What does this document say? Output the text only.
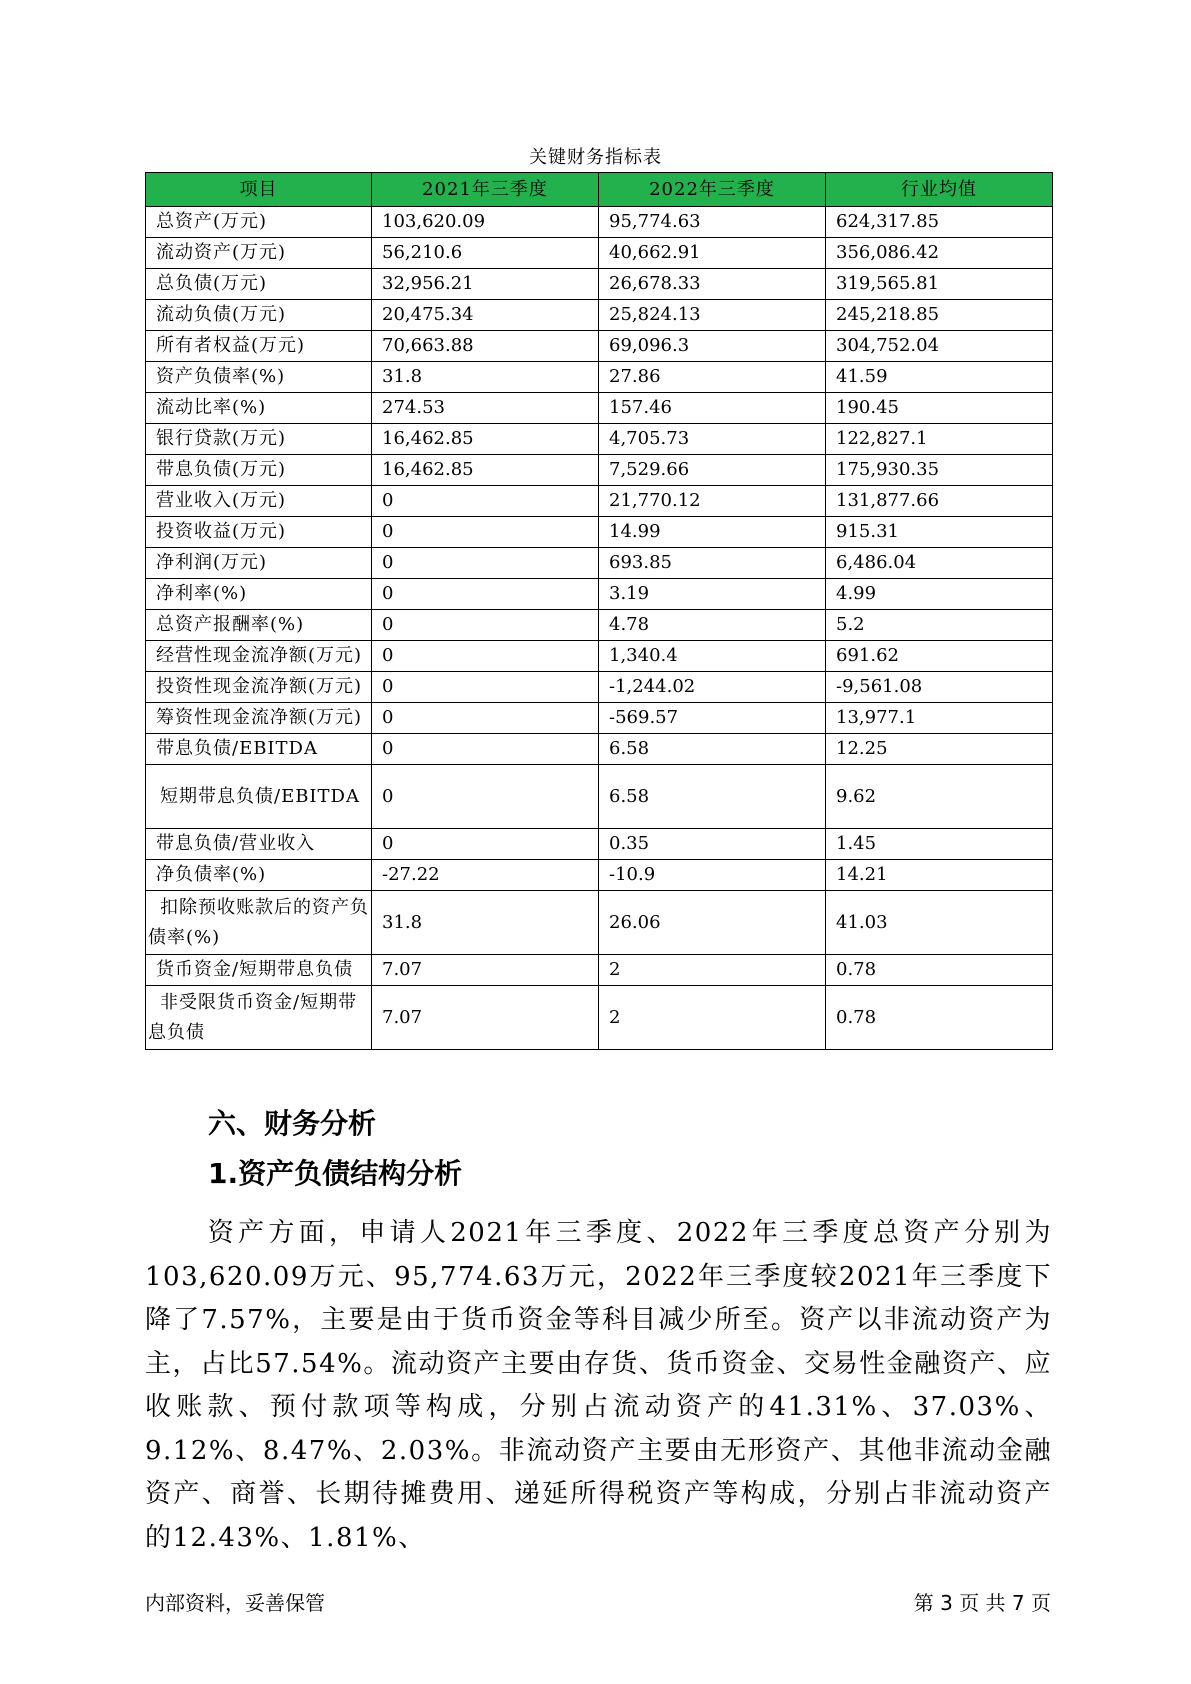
关键财务指标表
项目	2021年三季度	2022年三季度	行业均值
总资产(万元)	103,620.09	95,774.63	624,317.85
流动资产(万元)	56,210.6	40,662.91	356,086.42
总负债(万元)	32,956.21	26,678.33	319,565.81
流动负债(万元)	20,475.34	25,824.13	245,218.85
所有者权益(万元)	70,663.88	69,096.3	304,752.04
资产负债率(%)	31.8	27.86	41.59
流动比率(%)	274.53	157.46	190.45
银行贷款(万元)	16,462.85	4,705.73	122,827.1
带息负债(万元)	16,462.85	7,529.66	175,930.35
营业收入(万元)	0	21,770.12	131,877.66
投资收益(万元)	0	14.99	915.31
净利润(万元)	0	693.85	6,486.04
净利率(%)	0	3.19	4.99
总资产报酬率(%)	0	4.78	5.2
经营性现金流净额(万元)	0	1,340.4	691.62
投资性现金流净额(万元)	0	-1,244.02	-9,561.08
筹资性现金流净额(万元)	0	-569.57	13,977.1
带息负债/EBITDA	0	6.58	12.25
短期带息负债/EBITDA	0	6.58	9.62
带息负债/营业收入	0	0.35	1.45
净负债率(%)	-27.22	-10.9	14.21
扣除预收账款后的资产负债率(%)	31.8	26.06	41.03
货币资金/短期带息负债	7.07	2	0.78
非受限货币资金/短期带息负债	7.07	2	0.78
六、财务分析
1.资产负债结构分析
资产方面，申请人2021年三季度、2022年三季度总资产分别为103,620.09万元、95,774.63万元，2022年三季度较2021年三季度下降了7.57%，主要是由于货币资金等科目减少所至。资产以非流动资产为主，占比57.54%。流动资产主要由存货、货币资金、交易性金融资产、应收账款、预付款项等构成，分别占流动资产的41.31%、37.03%、9.12%、8.47%、2.03%。非流动资产主要由无形资产、其他非流动金融资产、商誉、长期待摊费用、递延所得税资产等构成，分别占非流动资产的12.43%、1.81%、
内部资料，妥善保管	第 3 页 共 7 页
